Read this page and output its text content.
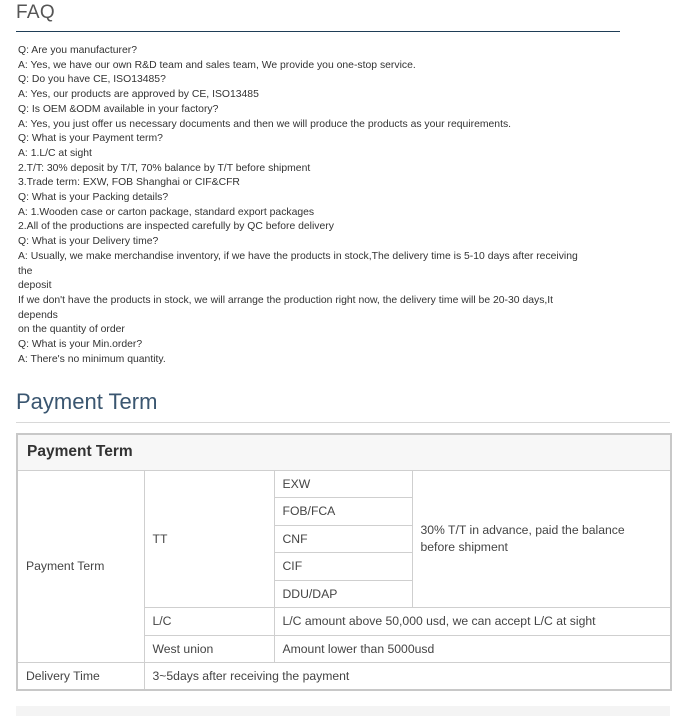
FAQ
Q: Are you manufacturer?
A: Yes, we have our own R&D team and sales team, We provide you one-stop service.
Q: Do you have CE, ISO13485?
A: Yes, our products are approved by CE, ISO13485
Q: Is OEM &ODM available in your factory?
A: Yes, you just offer us necessary documents and then we will produce the products as your requirements.
Q: What is your Payment term?
A: 1.L/C at sight
2.T/T: 30% deposit by T/T, 70% balance by T/T before shipment
3.Trade term: EXW, FOB Shanghai or CIF&CFR
Q: What is your Packing details?
A: 1.Wooden case or carton package, standard export packages
2.All of the productions are inspected carefully by QC before delivery
Q: What is your Delivery time?
A: Usually, we make merchandise inventory, if we have the products in stock,The delivery time is 5-10 days after receiving
the
deposit
If we don't have the products in stock, we will arrange the production right now, the delivery time will be 20-30 days,It
depends
on the quantity of order
Q: What is your Min.order?
A: There's no minimum quantity.
Payment Term
Payment Term			
Payment Term	TT	EXW	30% T/T in advance, paid the balance before shipment
		FOB/FCA	
		CNF	
		CIF	
		DDU/DAP	
	L/C	L/C amount above 50,000 usd, we can accept L/C at sight	
	West union	Amount lower than 5000usd	
Delivery Time	3~5days after receiving the payment		
